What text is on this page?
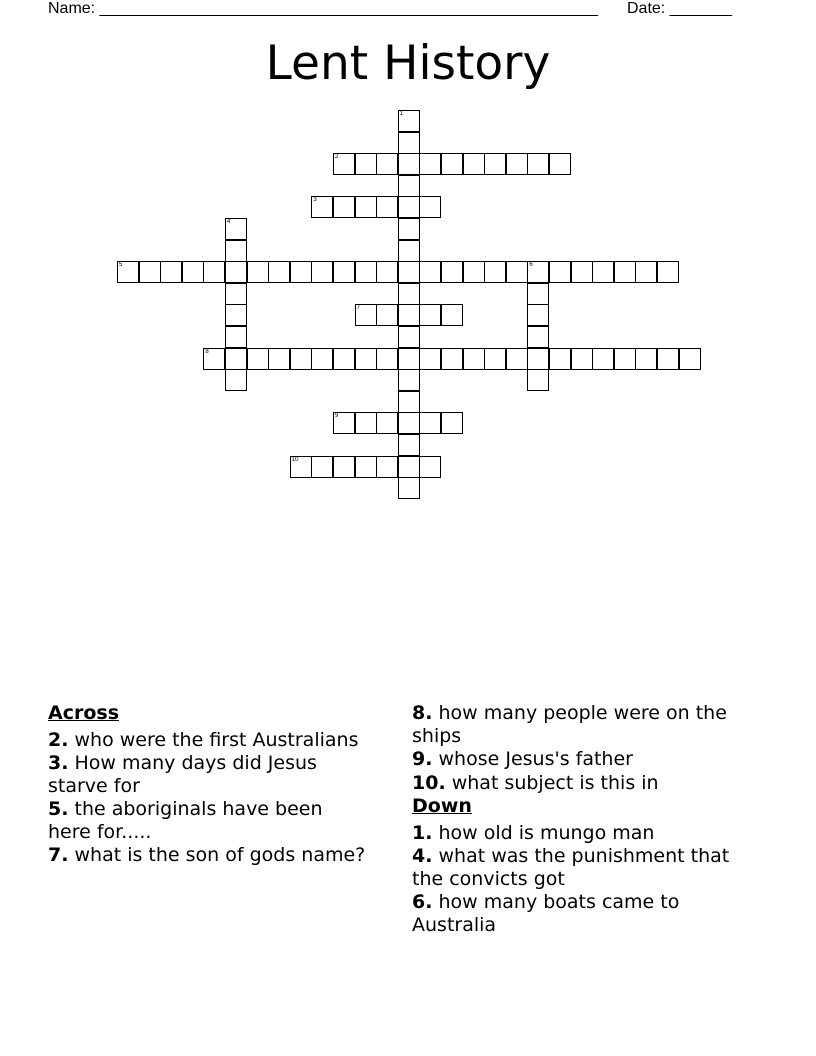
Name: ________________________________________________________ Date: _______
Lent History
1
2
3
4
5	6
7
8
9
10
Across
2. who were the first Australians
3. How many days did Jesus starve for
5. the aboriginals have been here for.....
7. what is the son of gods name?
8. how many people were on the ships
9. whose Jesus's father
10. what subject is this in
Down
1. how old is mungo man
4. what was the punishment that the convicts got
6. how many boats came to Australia
